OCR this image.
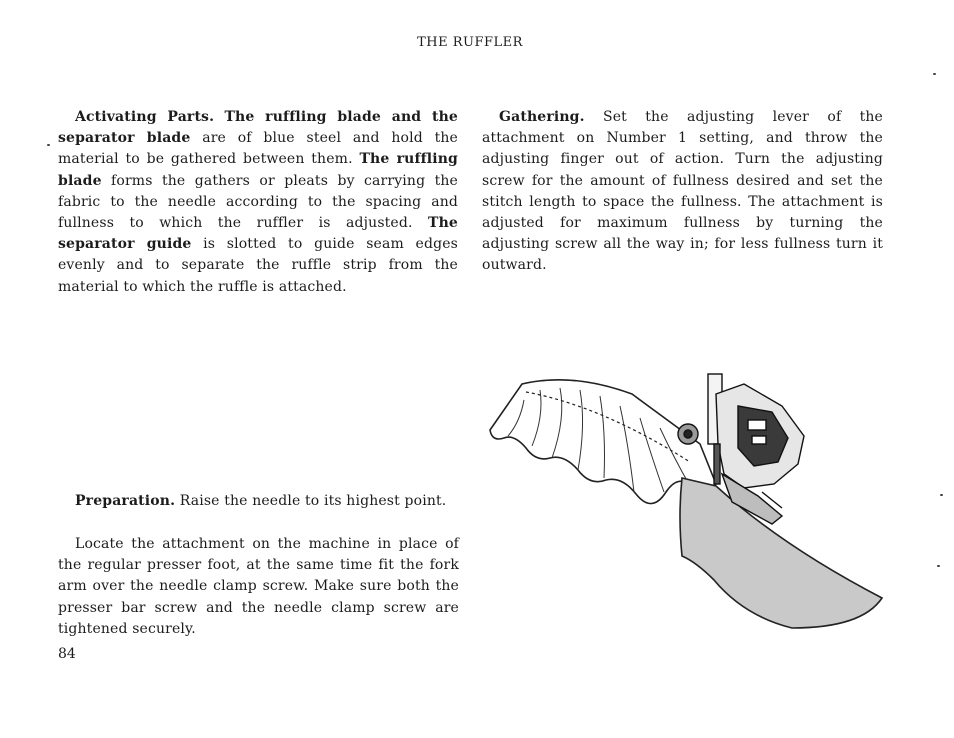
THE RUFFLER

Activating Parts. The ruffling blade and the separator blade are of blue steel and hold the material to be gathered between them. The ruffling blade forms the gathers or pleats by carrying the fabric to the needle according to the spacing and fullness to which the ruffler is adjusted. The separator guide is slotted to guide seam edges evenly and to separate the ruffle strip from the material to which the ruffle is attached.

Gathering. Set the adjusting lever of the attachment on Number 1 setting, and throw the adjusting finger out of action. Turn the adjusting screw for the amount of fullness desired and set the stitch length to space the fullness. The attachment is adjusted for maximum fullness by turning the adjusting screw all the way in; for less fullness turn it outward.

Preparation. Raise the needle to its highest point.

Locate the attachment on the machine in place of the regular presser foot, at the same time fit the fork arm over the needle clamp screw. Make sure both the presser bar screw and the needle clamp screw are tightened securely.

84
